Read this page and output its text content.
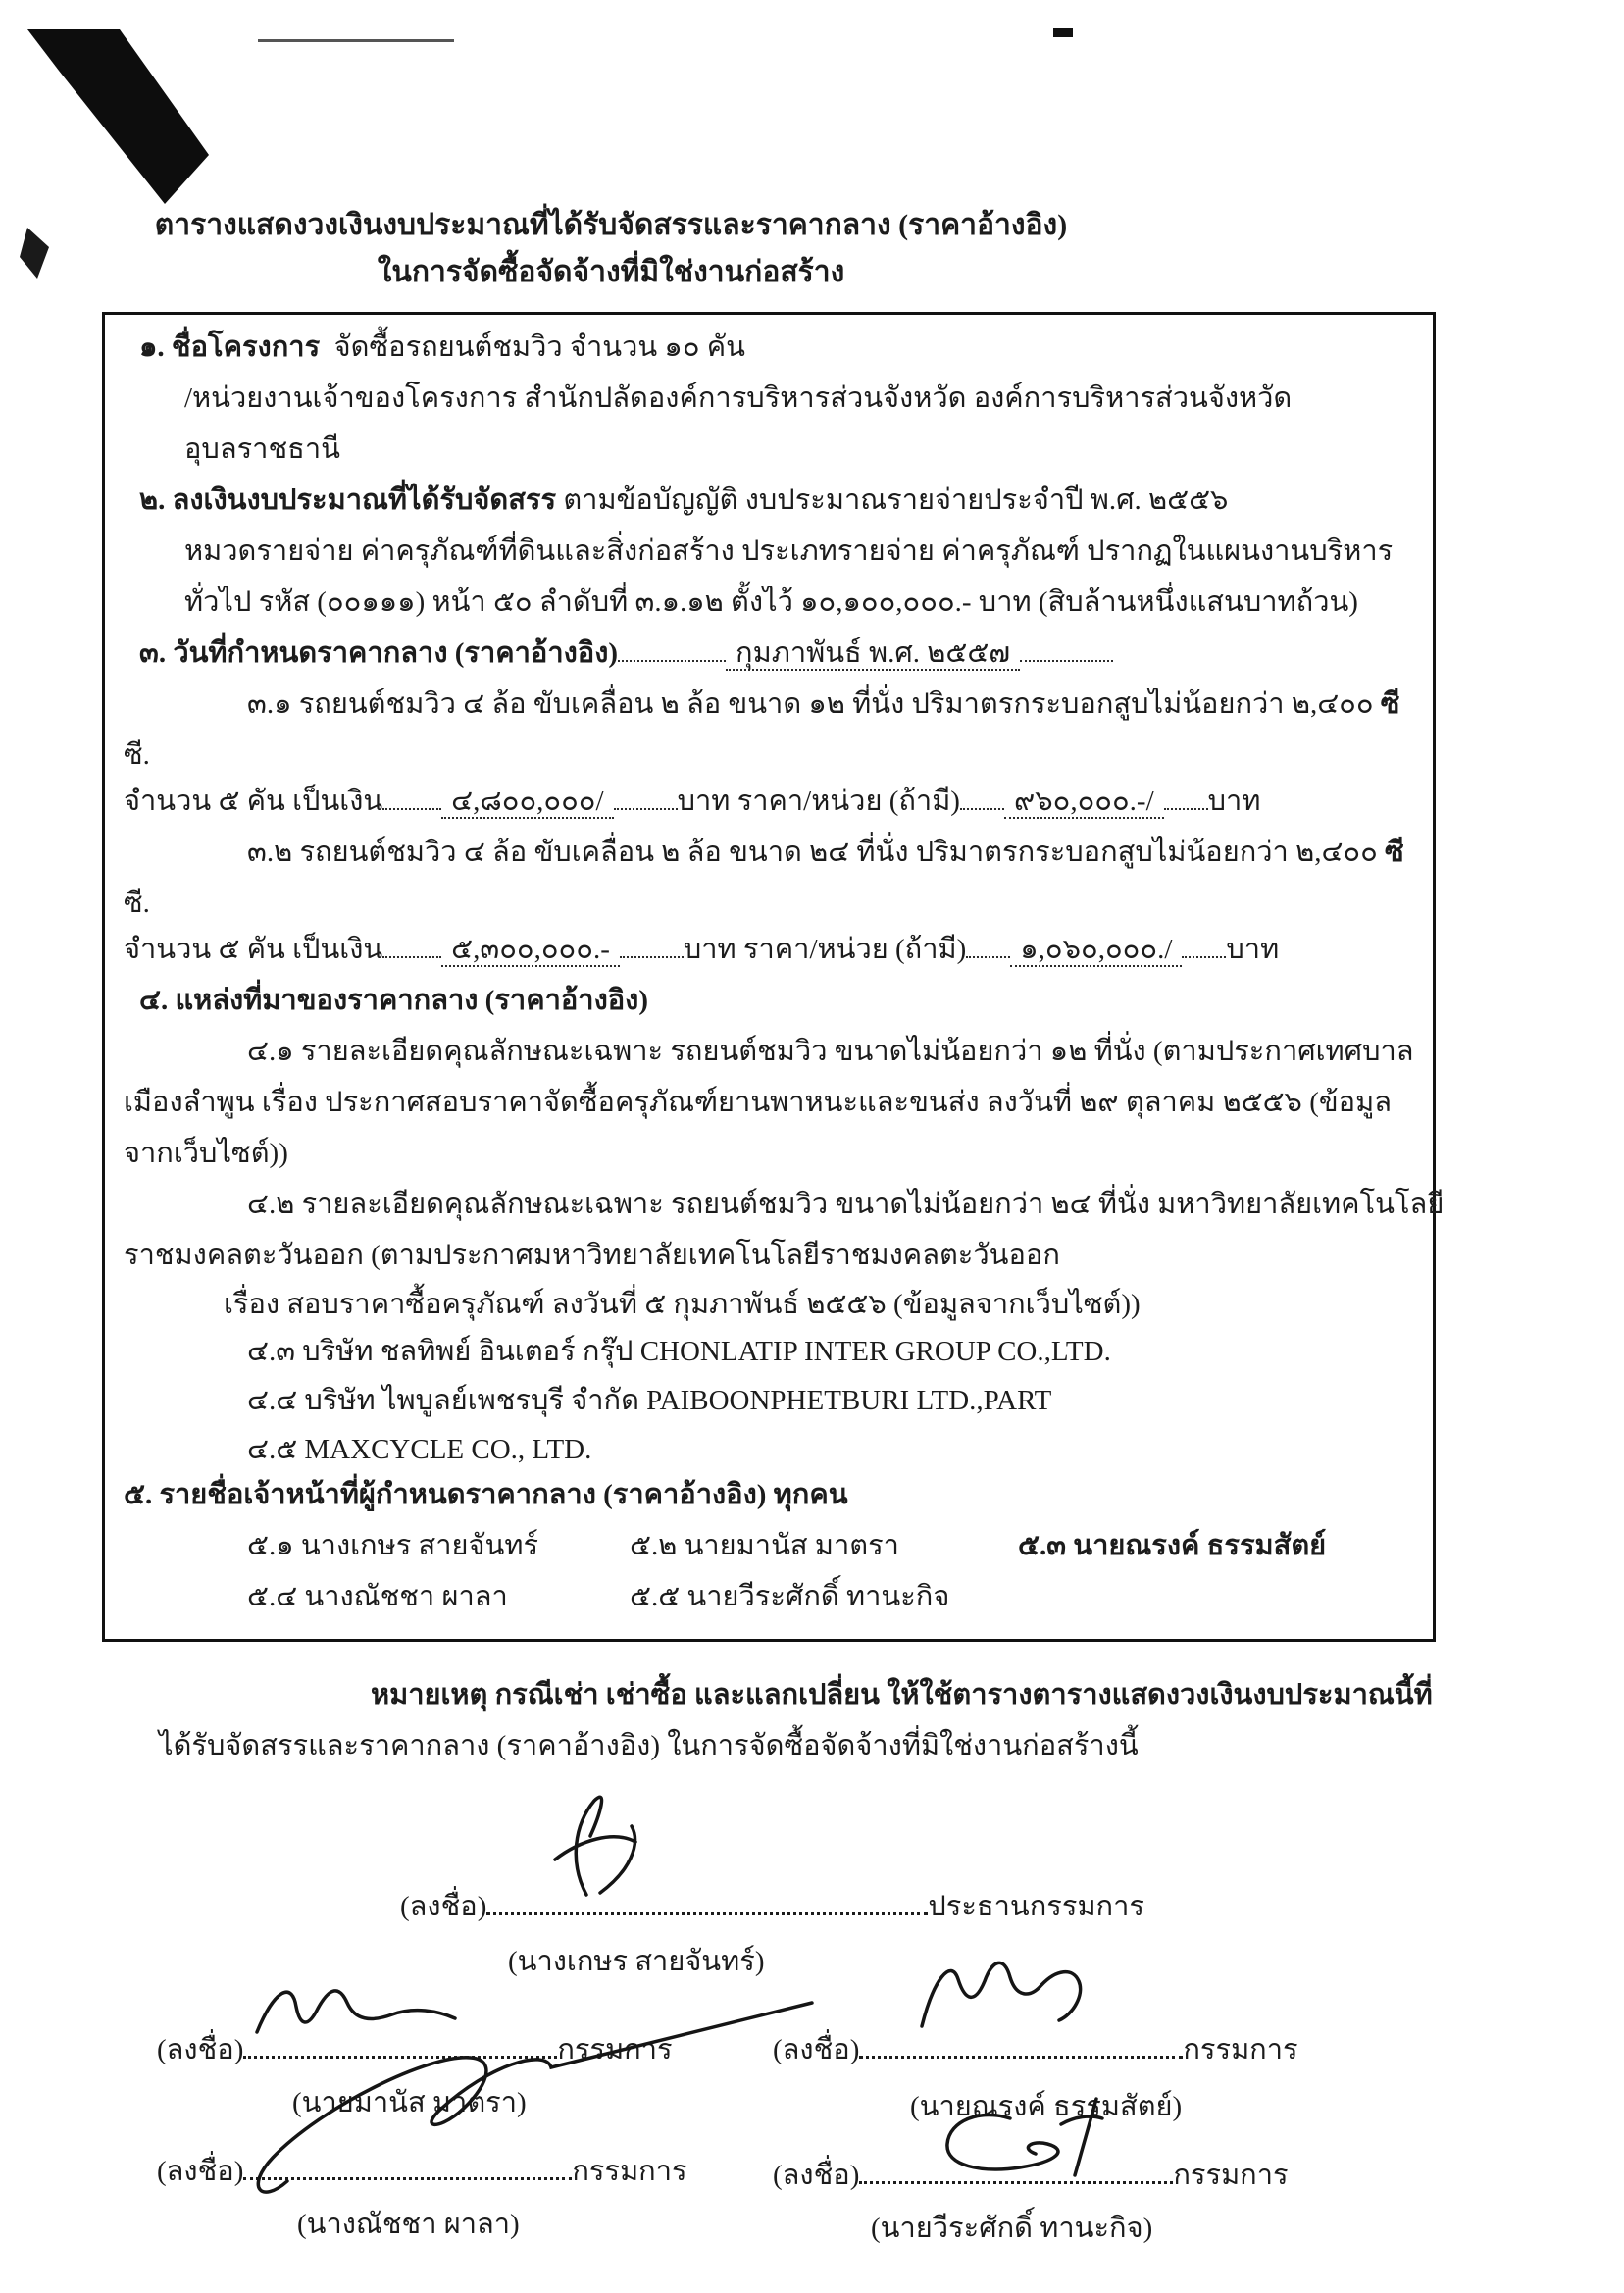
ตารางแสดงวงเงินงบประมาณที่ได้รับจัดสรรและราคากลาง (ราคาอ้างอิง)
ในการจัดซื้อจัดจ้างที่มิใช่งานก่อสร้าง
๑. ชื่อโครงการ จัดซื้อรถยนต์ชมวิว จำนวน ๑๐ คัน
/หน่วยงานเจ้าของโครงการ สำนักปลัดองค์การบริหารส่วนจังหวัด องค์การบริหารส่วนจังหวัด
อุบลราชธานี
๒. ลงเงินงบประมาณที่ได้รับจัดสรร ตามข้อบัญญัติ งบประมาณรายจ่ายประจำปี พ.ศ. ๒๕๕๖
หมวดรายจ่าย ค่าครุภัณฑ์ที่ดินและสิ่งก่อสร้าง ประเภทรายจ่าย ค่าครุภัณฑ์ ปรากฏในแผนงานบริหาร
ทั่วไป รหัส (๐๐๑๑๑) หน้า ๕๐ ลำดับที่ ๓.๑.๑๒ ตั้งไว้ ๑๐,๑๐๐,๐๐๐.- บาท (สิบล้านหนึ่งแสนบาทถ้วน)
๓. วันที่กำหนดราคากลาง (ราคาอ้างอิง)	กุมภาพันธ์ พ.ศ. ๒๕๕๗
๓.๑ รถยนต์ชมวิว ๔ ล้อ ขับเคลื่อน ๒ ล้อ ขนาด ๑๒ ที่นั่ง ปริมาตรกระบอกสูบไม่น้อยกว่า ๒,๔๐๐ ซี
ซี.
จำนวน ๕ คัน เป็นเงิน ๔,๘๐๐,๐๐๐/	บาท ราคา/หน่วย (ถ้ามี) ๙๖๐,๐๐๐.-/ บาท
๓.๒ รถยนต์ชมวิว ๔ ล้อ ขับเคลื่อน ๒ ล้อ ขนาด ๒๔ ที่นั่ง ปริมาตรกระบอกสูบไม่น้อยกว่า ๒,๔๐๐ ซี
ซี.
จำนวน ๕ คัน เป็นเงิน ๕,๓๐๐,๐๐๐.-	บาท ราคา/หน่วย (ถ้ามี) ๑,๐๖๐,๐๐๐./ บาท
๔. แหล่งที่มาของราคากลาง (ราคาอ้างอิง)
๔.๑ รายละเอียดคุณลักษณะเฉพาะ รถยนต์ชมวิว ขนาดไม่น้อยกว่า ๑๒ ที่นั่ง (ตามประกาศเทศบาล
เมืองลำพูน เรื่อง ประกาศสอบราคาจัดซื้อครุภัณฑ์ยานพาหนะและขนส่ง ลงวันที่ ๒๙ ตุลาคม ๒๕๕๖ (ข้อมูล
จากเว็บไซต์))
๔.๒ รายละเอียดคุณลักษณะเฉพาะ รถยนต์ชมวิว ขนาดไม่น้อยกว่า ๒๔ ที่นั่ง มหาวิทยาลัยเทคโนโลยี
ราชมงคลตะวันออก (ตามประกาศมหาวิทยาลัยเทคโนโลยีราชมงคลตะวันออก
เรื่อง สอบราคาซื้อครุภัณฑ์ ลงวันที่ ๕ กุมภาพันธ์ ๒๕๕๖ (ข้อมูลจากเว็บไซต์))
๔.๓ บริษัท ชลทิพย์ อินเตอร์ กรุ๊ป CHONLATIP INTER GROUP CO.,LTD.
๔.๔ บริษัท ไพบูลย์เพชรบุรี จำกัด PAIBOONPHETBURI LTD.,PART
๔.๕ MAXCYCLE CO., LTD.
๕. รายชื่อเจ้าหน้าที่ผู้กำหนดราคากลาง (ราคาอ้างอิง) ทุกคน
๕.๑ นางเกษร สายจันทร์	๕.๒ นายมานัส มาตรา	๕.๓ นายณรงค์ ธรรมสัตย์
๕.๔ นางณัชชา ผาลา	๕.๕ นายวีระศักดิ์ ทานะกิจ
หมายเหตุ กรณีเช่า เช่าซื้อ และแลกเปลี่ยน ให้ใช้ตารางตารางแสดงวงเงินงบประมาณนี้ที่
ได้รับจัดสรรและราคากลาง (ราคาอ้างอิง) ในการจัดซื้อจัดจ้างที่มิใช่งานก่อสร้างนี้
(ลงชื่อ)	ประธานกรรมการ
(นางเกษร สายจันทร์)
(ลงชื่อ)	กรรมการ	(ลงชื่อ)	กรรมการ
(นายมานัส มาตรา)	(นายณรงค์ ธรรมสัตย์)
(ลงชื่อ)	กรรมการ	(ลงชื่อ)	กรรมการ
(นางณัชชา ผาลา)	(นายวีระศักดิ์ ทานะกิจ)
